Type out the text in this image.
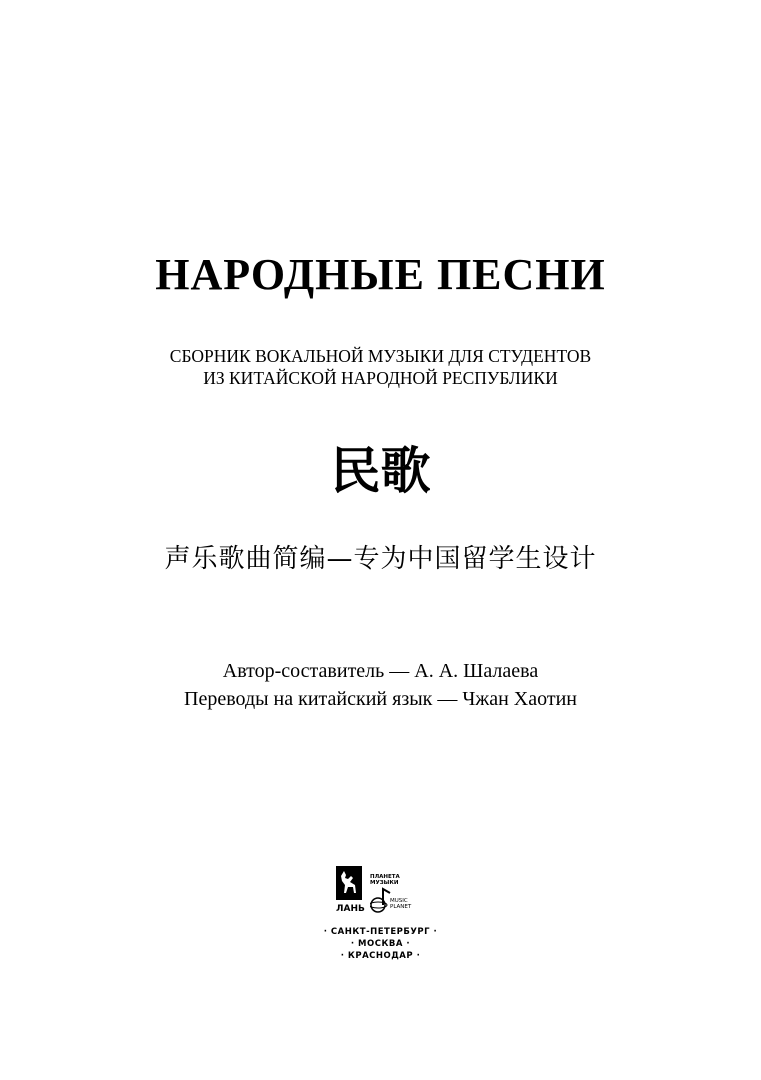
НАРОДНЫЕ ПЕСНИ
СБОРНИК ВОКАЛЬНОЙ МУЗЫКИ ДЛЯ СТУДЕНТОВ
ИЗ КИТАЙСКОЙ НАРОДНОЙ РЕСПУБЛИКИ
民歌
声乐歌曲简编—专为中国留学生设计
Автор-составитель — А. А. Шалаева
Переводы на китайский язык — Чжан Хаотин
ЛАНЬ
ПЛАНЕТА
МУЗЫКИ
MUSIC
PLANET
· САНКТ-ПЕТЕРБУРГ ·
· МОСКВА ·
· КРАСНОДАР ·
